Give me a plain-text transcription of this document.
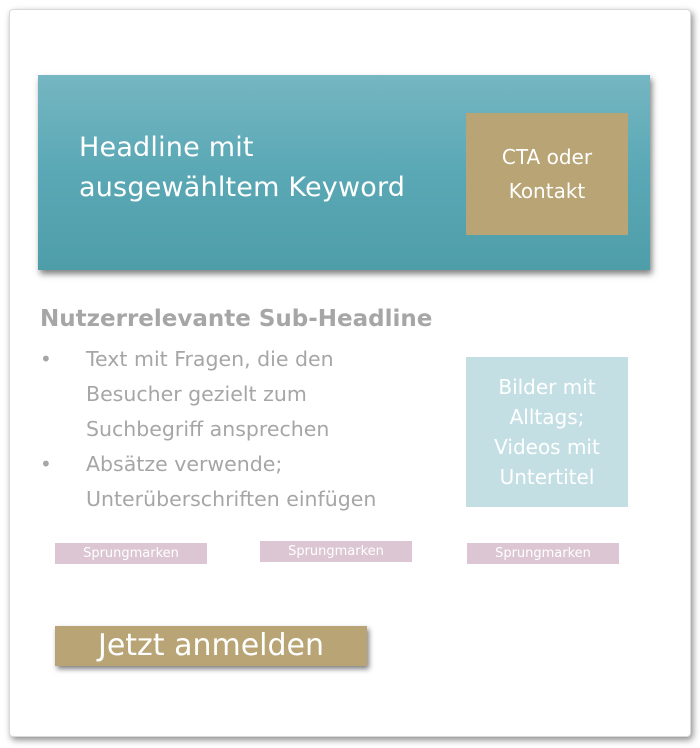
Headline mit
ausgewähltem Keyword
CTA oder
Kontakt
Nutzerrelevante Sub-Headline
• Text mit Fragen, die den
Besucher gezielt zum
Suchbegriff ansprechen
• Absätze verwende;
Unterüberschriften einfügen
Bilder mit
Alltags;
Videos mit
Untertitel
Sprungmarken	Sprungmarken	Sprungmarken
Jetzt anmelden
